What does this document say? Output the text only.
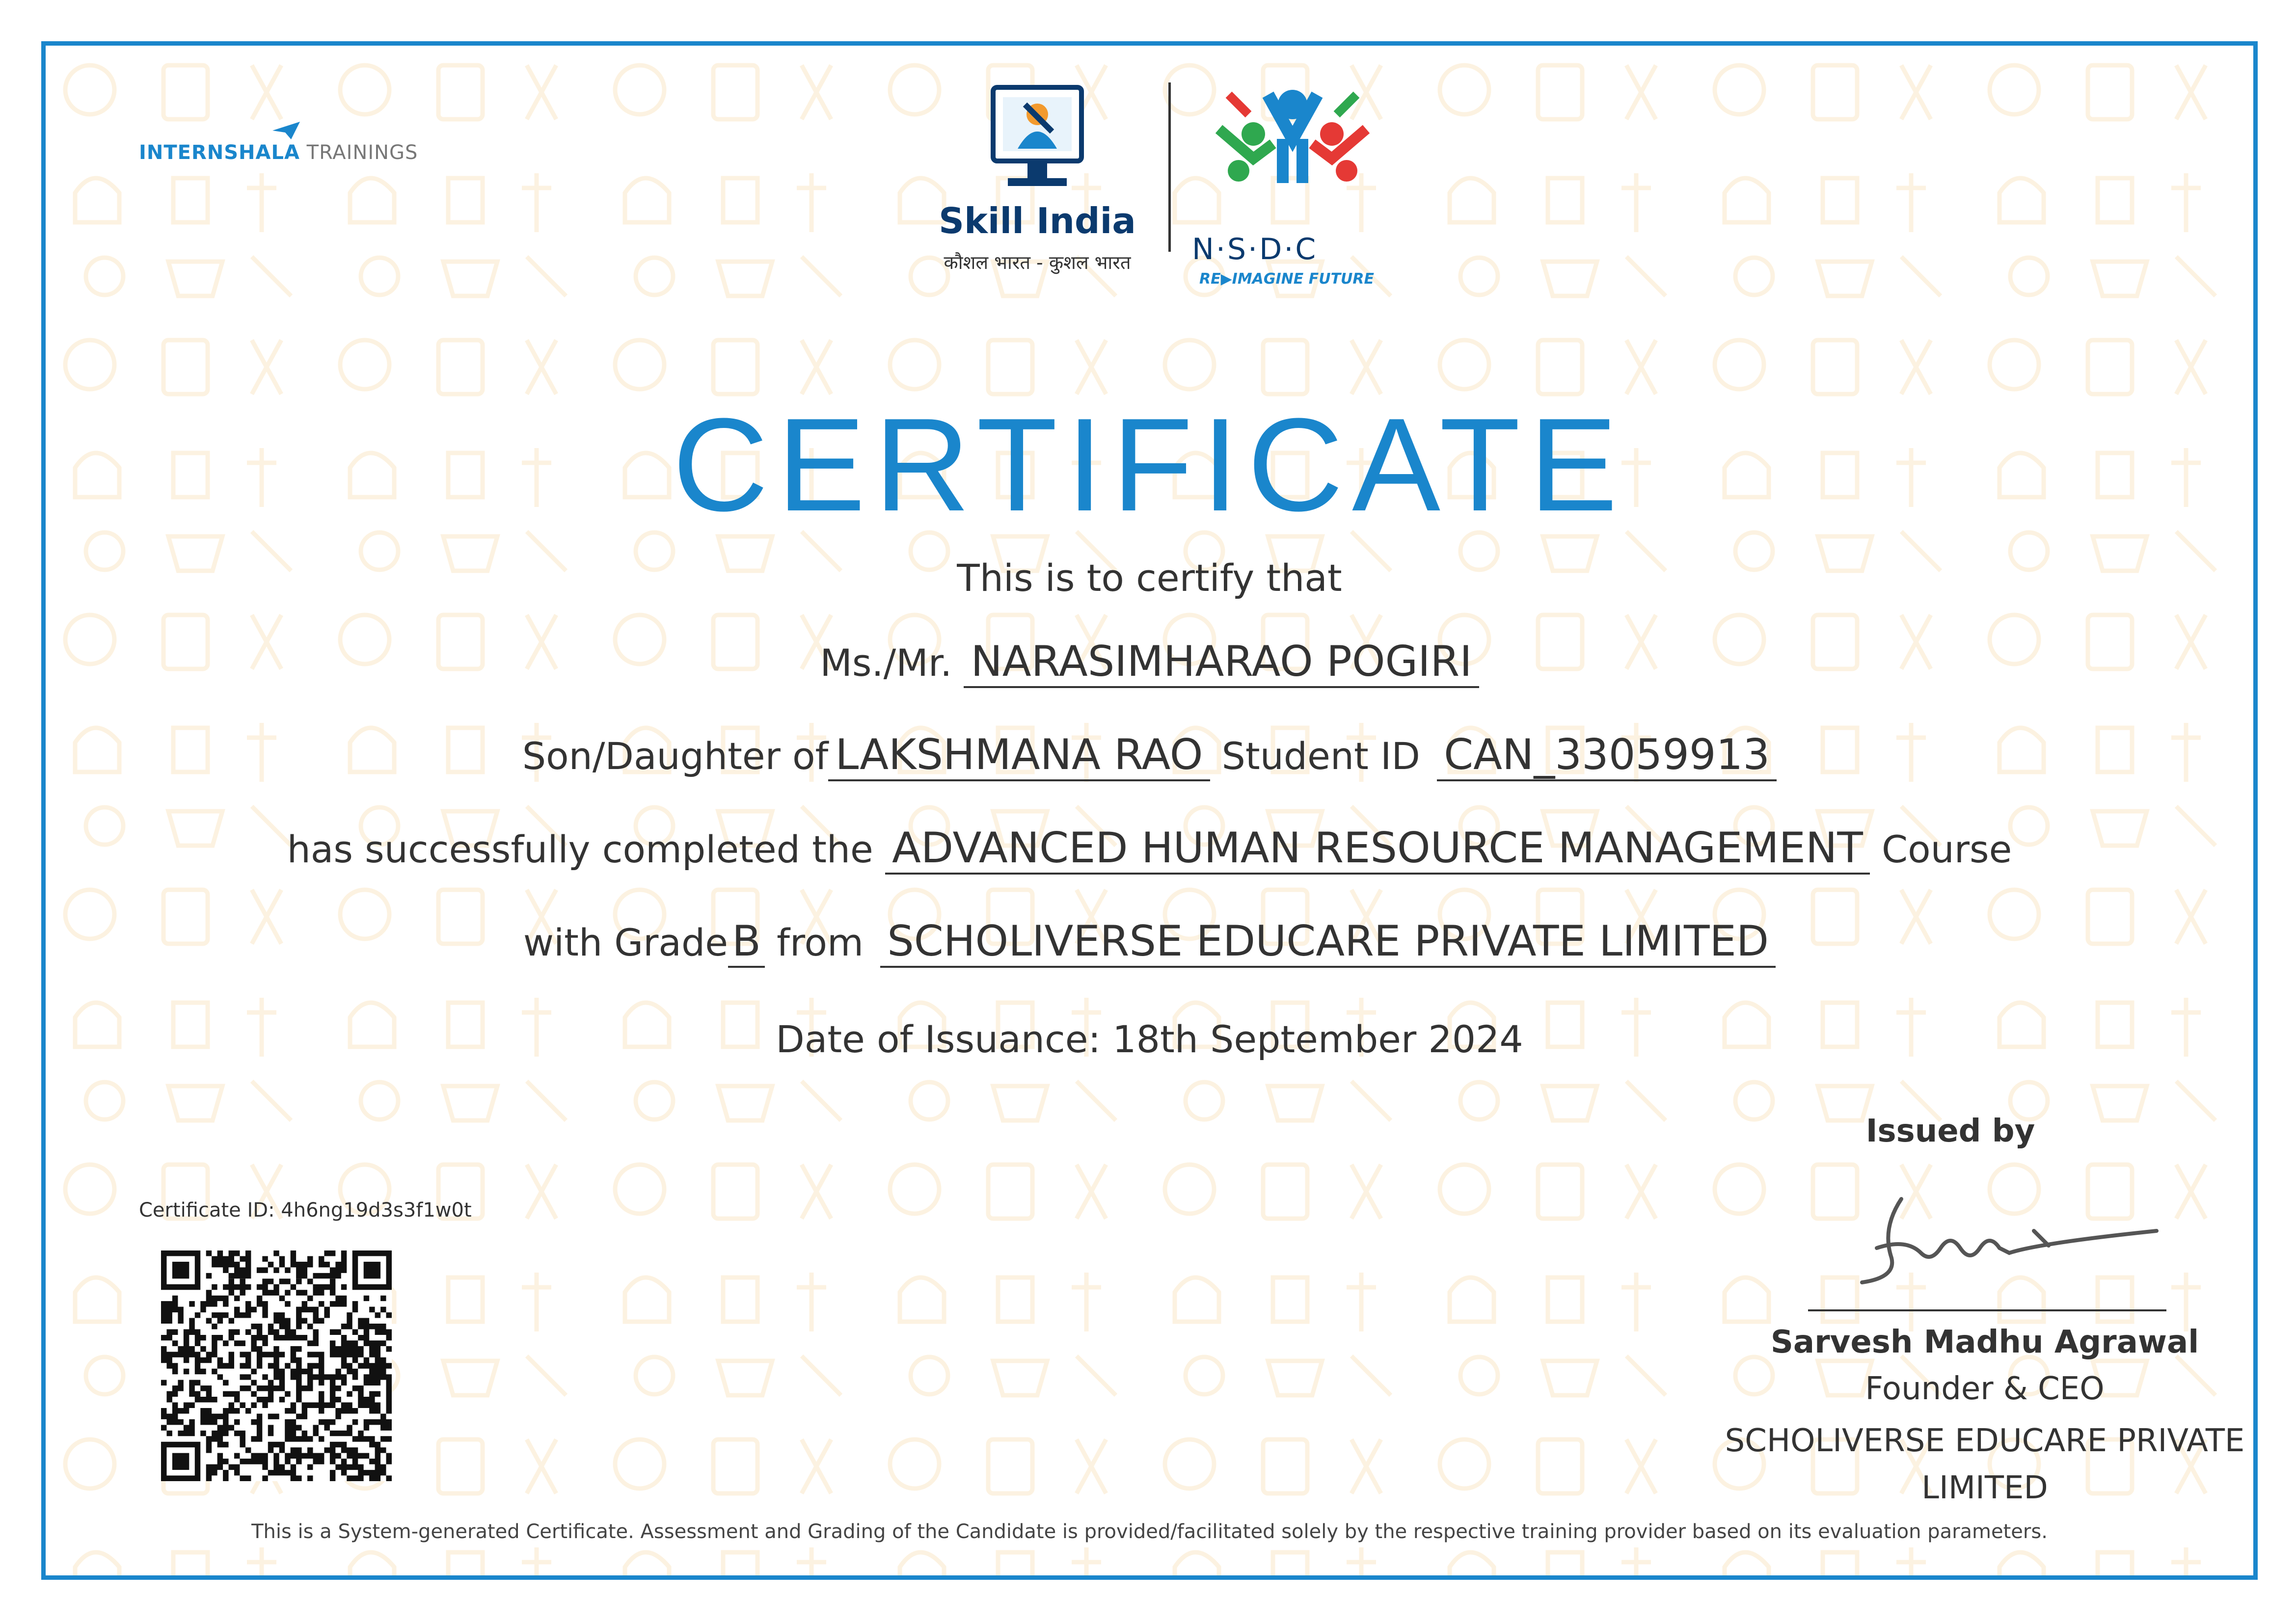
INTERNSHALA TRAININGS
Skill India
कौशल भारत - कुशल भारत	N·S·D·C
RE▶IMAGINE FUTURE
CERTIFICATE
This is to certify that
Ms./Mr. NARASIMHARAO POGIRI
Son/Daughter of LAKSHMANA RAO Student ID CAN_33059913
has successfully completed the ADVANCED HUMAN RESOURCE MANAGEMENT Course
with GradeB from SCHOLIVERSE EDUCARE PRIVATE LIMITED
Date of Issuance: 18th September 2024
Issued by
Sarvesh Madhu Agrawal
Founder & CEO
SCHOLIVERSE EDUCARE PRIVATE LIMITED
Certificate ID: 4h6ng19d3s3f1w0t
This is a System-generated Certificate. Assessment and Grading of the Candidate is provided/facilitated solely by the respective training provider based on its evaluation parameters.
